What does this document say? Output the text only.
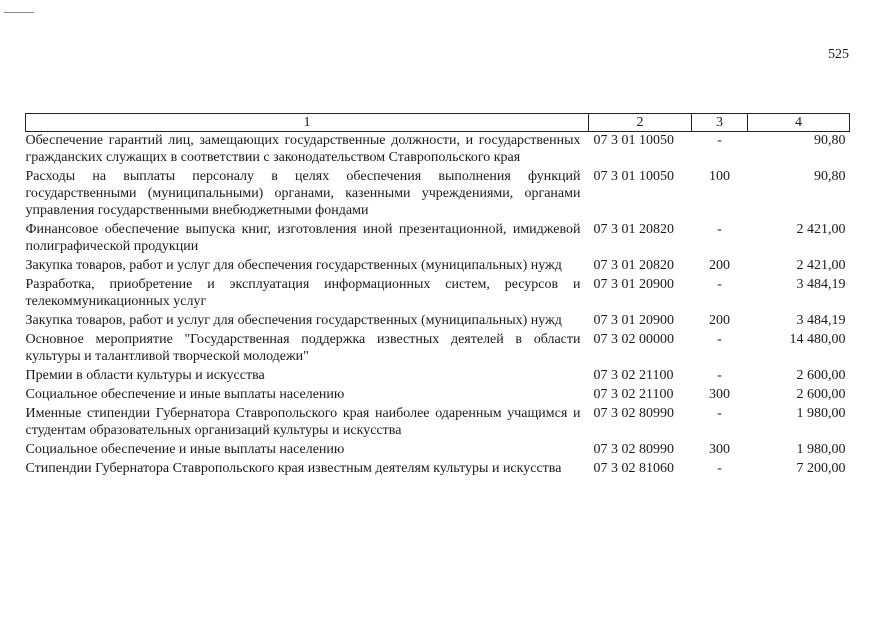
525
1	2	3	4
Обеспечение гарантий лиц, замещающих государственные должности, и государственных гражданских служащих в соответствии с законодательством Ставропольского края	07 3 01 10050	-	90,80
Расходы на выплаты персоналу в целях обеспечения выполнения функций государственными (муниципальными) органами, казенными учреждениями, органами управления государственными внебюджетными фондами	07 3 01 10050	100	90,80
Финансовое обеспечение выпуска книг, изготовления иной презентационной, имиджевой полиграфической продукции	07 3 01 20820	-	2 421,00
Закупка товаров, работ и услуг для обеспечения государственных (муниципальных) нужд	07 3 01 20820	200	2 421,00
Разработка, приобретение и эксплуатация информационных систем, ресурсов и телекоммуникационных услуг	07 3 01 20900	-	3 484,19
Закупка товаров, работ и услуг для обеспечения государственных (муниципальных) нужд	07 3 01 20900	200	3 484,19
Основное мероприятие "Государственная поддержка известных деятелей в области культуры и талантливой творческой молодежи"	07 3 02 00000	-	14 480,00
Премии в области культуры и искусства	07 3 02 21100	-	2 600,00
Социальное обеспечение и иные выплаты населению	07 3 02 21100	300	2 600,00
Именные стипендии Губернатора Ставропольского края наиболее одаренным учащимся и студентам образовательных организаций культуры и искусства	07 3 02 80990	-	1 980,00
Социальное обеспечение и иные выплаты населению	07 3 02 80990	300	1 980,00
Стипендии Губернатора Ставропольского края известным деятелям культуры и искусства	07 3 02 81060	-	7 200,00
